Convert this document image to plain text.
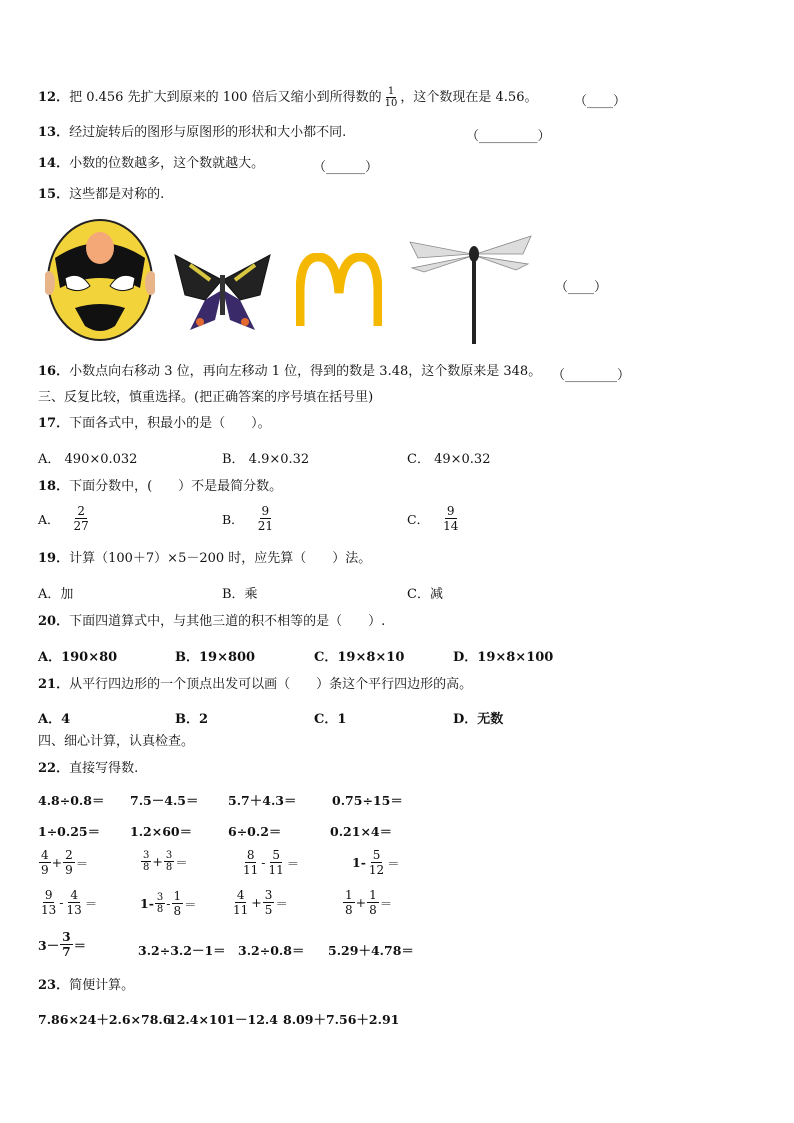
12．把 0.456 先扩大到原来的 100 倍后又缩小到所得数的 $\frac{1}{10}$ ，这个数现在是 4.56。	（____）
13．经过旋转后的图形与原图形的形状和大小都不同.	（_________）
14．小数的位数越多，这个数就越大。	（______）
15．这些都是对称的.
（____）
16．小数点向右移动 3 位，再向左移动 1 位，得到的数是 3.48，这个数原来是 348。 （________）
三、反复比较，慎重选择。(把正确答案的序号填在括号里)
17．下面各式中，积最小的是（　　）。
A． 490×0.032	B． 4.9×0.32	C． 49×0.32
18．下面分数中，(　　）不是最简分数。
A． $\frac{2}{27}$	B． $\frac{9}{21}$	C． $\frac{9}{14}$
19．计算（100＋7）×5－200 时，应先算（　　）法。
A．加	B．乘	C．减
20．下面四道算式中，与其他三道的积不相等的是（　　）.
A．190×80	B．19×800	C．19×8×10	D．19×8×100
21．从平行四边形的一个顶点出发可以画（　　）条这个平行四边形的高。
A．4	B．2	C．1	D．无数
四、细心计算，认真检查。
22．直接写得数.
4.8÷0.8＝ 7.5－4.5＝ 5.7＋4.3＝	0.75÷15＝
1÷0.25＝ 1.2×60＝	6÷0.2＝	0.21×4＝
$\frac{4}{9} + \frac{2}{9}$ ＝	$\frac{3}{8} + \frac{3}{8}$ ＝	$\frac{8}{11} - \frac{5}{11}$ ＝	$1- \frac{5}{12}$ ＝
$\frac{9}{13} - \frac{4}{13}$ ＝	$1- \frac{3}{8} - \frac{1}{8}$ ＝	$\frac{4}{11} + \frac{3}{5}$ ＝	$\frac{1}{8} + \frac{1}{8}$ ＝
$3- \frac{3}{7}$ ＝	3.2÷3.2－1＝ 3.2÷0.8＝ 5.29＋4.78＝
23．简便计算。
7.86×24＋2.6×78.6
12.4×101－12.4 8.09＋7.56＋2.91
